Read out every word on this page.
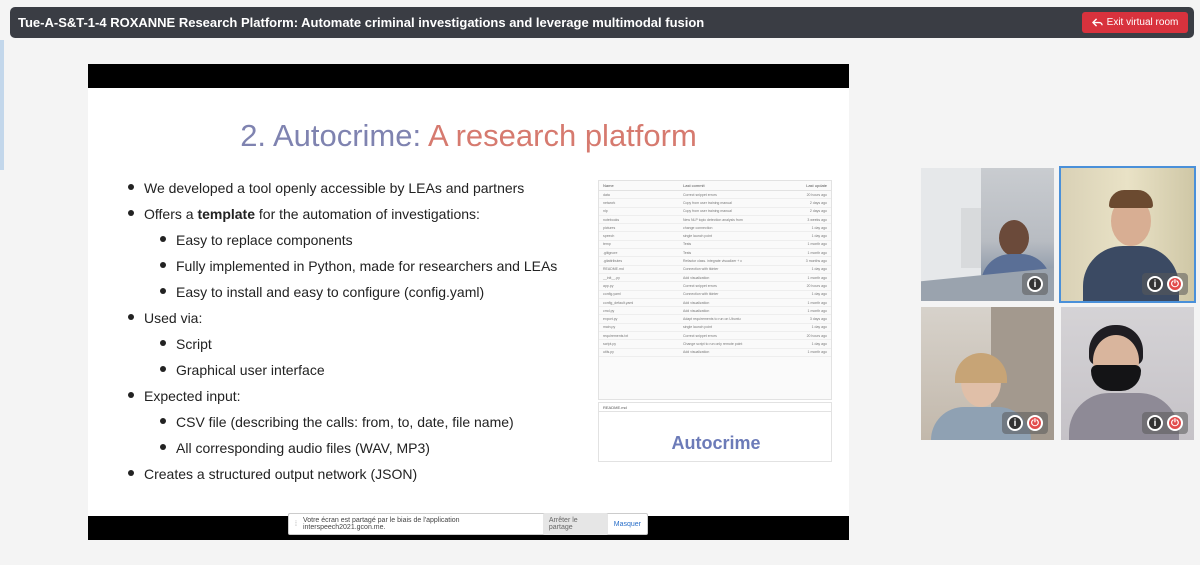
Tue-A-S&T-1-4 ROXANNE Research Platform: Automate criminal investigations and leverage multimodal fusion	Exit virtual room
2. Autocrime: A research platform
We developed a tool openly accessible by LEAs and partners
Offers a template for the automation of investigations:
Easy to replace components
Fully implemented in Python, made for researchers and LEAs
Easy to install and easy to configure (config.yaml)
Used via:
Script
Graphical user interface
Expected input:
CSV file (describing the calls: from, to, date, file name)
All corresponding audio files (WAV, MP3)
Creates a structured output network (JSON)
Name	Last commit	Last update
data	Correct snippet errors	20 hours ago
network	Copy from user training manual	2 days ago
nlp	Copy from user training manual	2 days ago
notebooks	New NLP topic detection analysis from	3 weeks ago
pictures	change connection	1 day ago
speech	single launch point	1 day ago
temp	Tests	1 month ago
.gitignore	Tests	1 month ago
.gitattributes	Refactor class. integrate visualizer + c	3 months ago
README.md	Connection with tkinter	1 day ago
__init__.py	Add visualization	1 month ago
app.py	Correct snippet errors	20 hours ago
config.yaml	Connection with tkinter	1 day ago
config_default.yaml	Add visualization	1 month ago
cmd.py	Add visualization	1 month ago
export.py	Adapt requirements to run on Ubuntu	3 days ago
main.py	single launch point	1 day ago
requirements.txt	Correct snippet errors	20 hours ago
script.py	Change script to run only remote point	1 day ago
utils.py	Add visualization	1 month ago
README.md
Autocrime
⁞ Votre écran est partagé par le biais de l'application interspeech2021.gcon.me.
Arrêter le partage	Masquer
i	i	⏻
i	⏻	i	⏻
